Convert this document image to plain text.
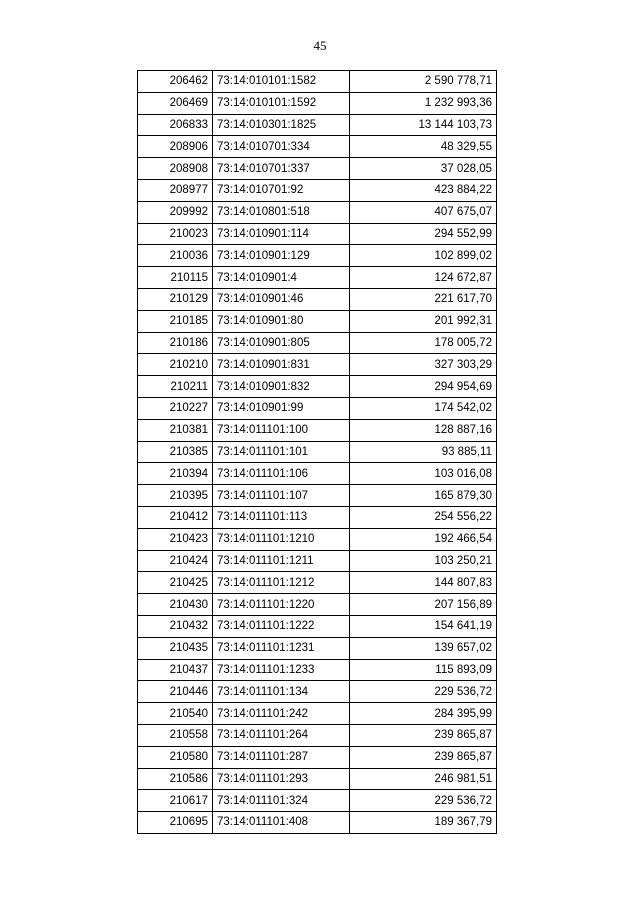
45
206462	73:14:010101:1582	2 590 778,71
206469	73:14:010101:1592	1 232 993,36
206833	73:14:010301:1825	13 144 103,73
208906	73:14:010701:334	48 329,55
208908	73:14:010701:337	37 028,05
208977	73:14:010701:92	423 884,22
209992	73:14:010801:518	407 675,07
210023	73:14:010901:114	294 552,99
210036	73:14:010901:129	102 899,02
210115	73:14:010901:4	124 672,87
210129	73:14:010901:46	221 617,70
210185	73:14:010901:80	201 992,31
210186	73:14:010901:805	178 005,72
210210	73:14:010901:831	327 303,29
210211	73:14:010901:832	294 954,69
210227	73:14:010901:99	174 542,02
210381	73:14:011101:100	128 887,16
210385	73:14:011101:101	93 885,11
210394	73:14:011101:106	103 016,08
210395	73:14:011101:107	165 879,30
210412	73:14:011101:113	254 556,22
210423	73:14:011101:1210	192 466,54
210424	73:14:011101:1211	103 250,21
210425	73:14:011101:1212	144 807,83
210430	73:14:011101:1220	207 156,89
210432	73:14:011101:1222	154 641,19
210435	73:14:011101:1231	139 657,02
210437	73:14:011101:1233	115 893,09
210446	73:14:011101:134	229 536,72
210540	73:14:011101:242	284 395,99
210558	73:14:011101:264	239 865,87
210580	73:14:011101:287	239 865,87
210586	73:14:011101:293	246 981,51
210617	73:14:011101:324	229 536,72
210695	73:14:011101:408	189 367,79
